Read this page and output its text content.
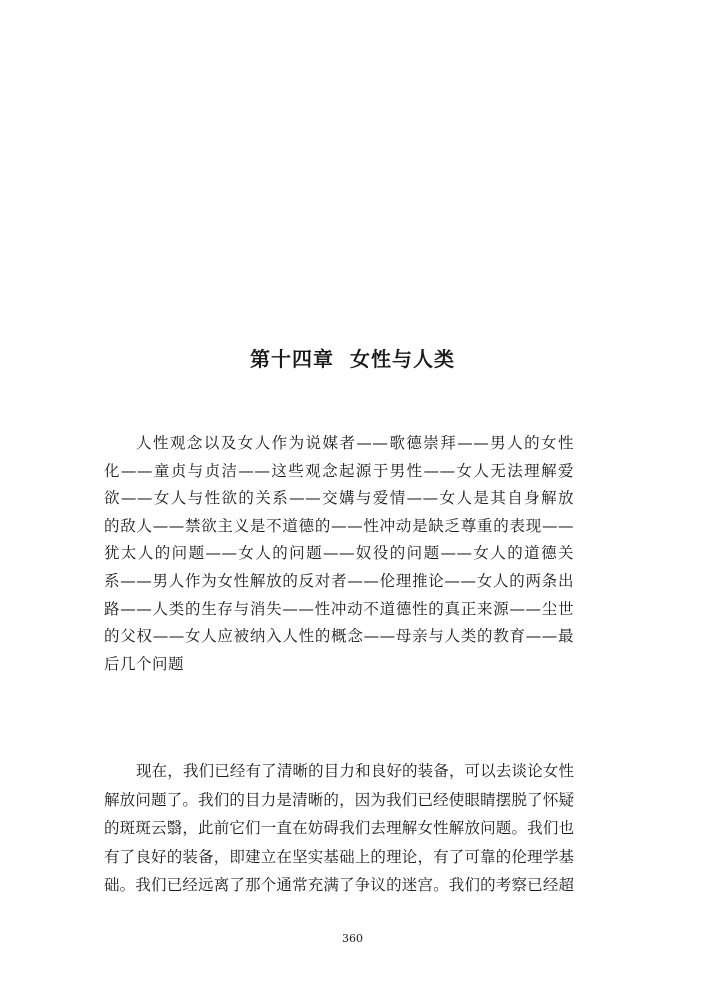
第十四章  女性与人类
人性观念以及女人作为说媒者——歌德崇拜——男人的女性
化——童贞与贞洁——这些观念起源于男性——女人无法理解爱
欲——女人与性欲的关系——交媾与爱情——女人是其自身解放
的敌人——禁欲主义是不道德的——性冲动是缺乏尊重的表现——
犹太人的问题——女人的问题——奴役的问题——女人的道德关
系——男人作为女性解放的反对者——伦理推论——女人的两条出
路——人类的生存与消失——性冲动不道德性的真正来源——尘世
的父权——女人应被纳入人性的概念——母亲与人类的教育——最
后几个问题
现在，我们已经有了清晰的目力和良好的装备，可以去谈论女性
解放问题了。我们的目力是清晰的，因为我们已经使眼睛摆脱了怀疑
的斑斑云翳，此前它们一直在妨碍我们去理解女性解放问题。我们也
有了良好的装备，即建立在坚实基础上的理论，有了可靠的伦理学基
础。我们已经远离了那个通常充满了争议的迷宫。我们的考察已经超
360
